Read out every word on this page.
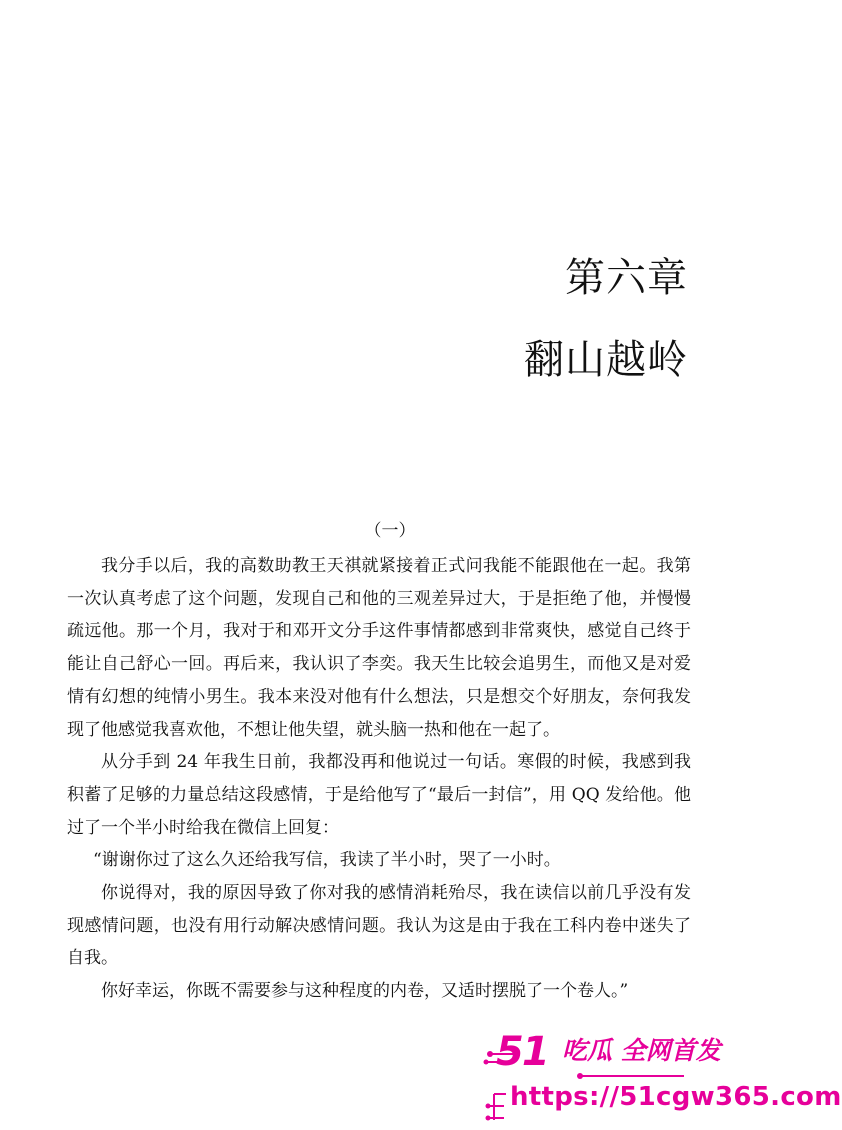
第六章
翻山越岭
（一）

我分手以后，我的高数助教王天祺就紧接着正式问我能不能跟他在一起。我第一次认真考虑了这个问题，发现自己和他的三观差异过大，于是拒绝了他，并慢慢疏远他。那一个月，我对于和邓开文分手这件事情都感到非常爽快，感觉自己终于能让自己舒心一回。再后来，我认识了李奕。我天生比较会追男生，而他又是对爱情有幻想的纯情小男生。我本来没对他有什么想法，只是想交个好朋友，奈何我发现了他感觉我喜欢他，不想让他失望，就头脑一热和他在一起了。

从分手到 24 年我生日前，我都没再和他说过一句话。寒假的时候，我感到我积蓄了足够的力量总结这段感情，于是给他写了“最后一封信”，用 QQ 发给他。他过了一个半小时给我在微信上回复：

“谢谢你过了这么久还给我写信，我读了半小时，哭了一小时。

你说得对，我的原因导致了你对我的感情消耗殆尽，我在读信以前几乎没有发现感情问题，也没有用行动解决感情问题。我认为这是由于我在工科内卷中迷失了自我。

你好幸运，你既不需要参与这种程度的内卷，又适时摆脱了一个卷人。”

51 吃瓜 全网首发
https://51cgw365.com
